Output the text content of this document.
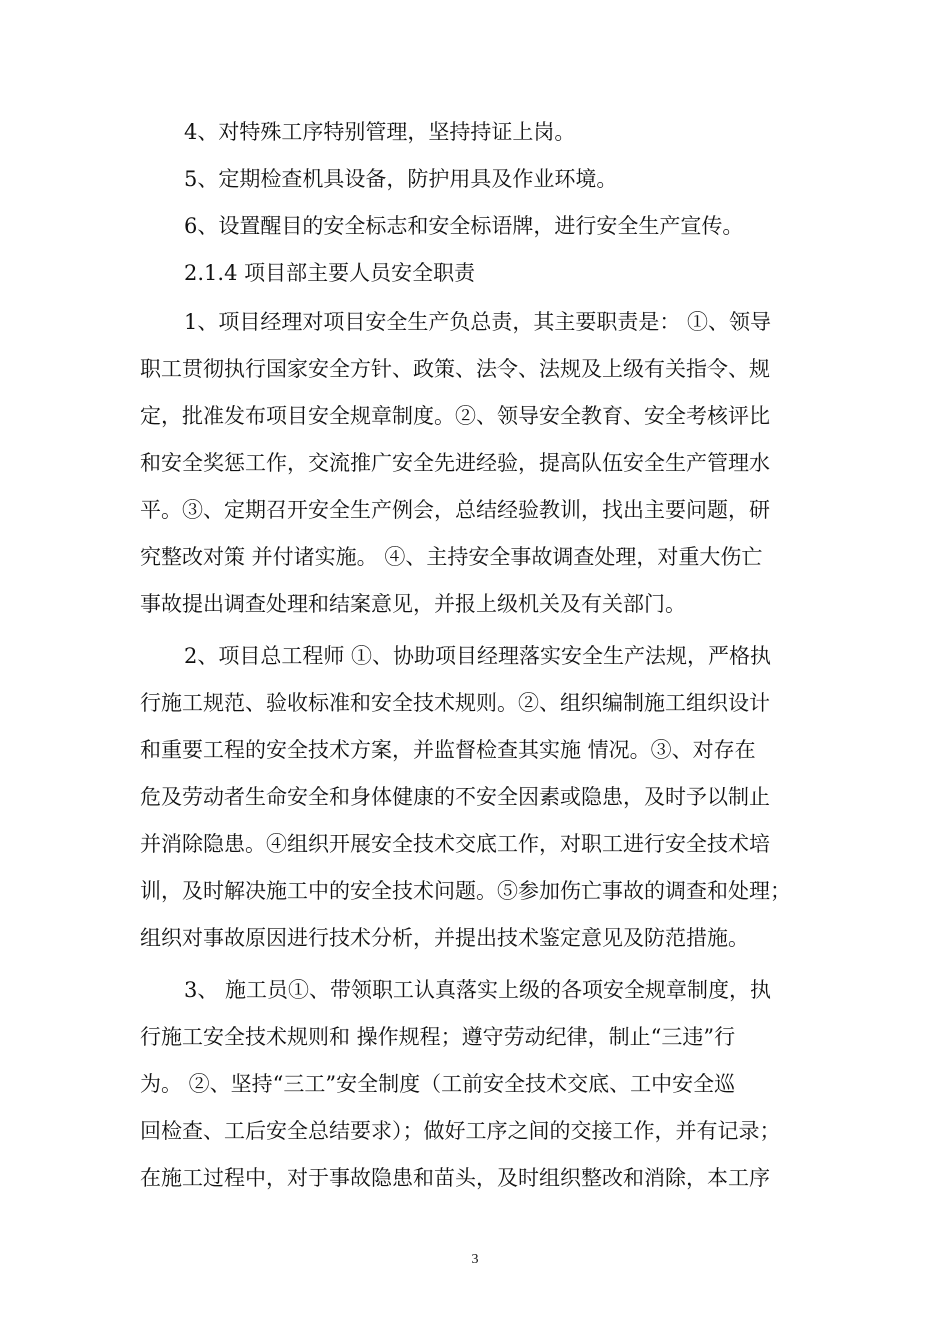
4、对特殊工序特别管理，坚持持证上岗。
5、定期检查机具设备，防护用具及作业环境。
6、设置醒目的安全标志和安全标语牌，进行安全生产宣传。
2.1.4 项目部主要人员安全职责
1、项目经理对项目安全生产负总责，其主要职责是： ①、领导
职工贯彻执行国家安全方针、政策、法令、法规及上级有关指令、规
定，批准发布项目安全规章制度。②、领导安全教育、安全考核评比
和安全奖惩工作，交流推广安全先进经验，提高队伍安全生产管理水
平。③、定期召开安全生产例会，总结经验教训，找出主要问题，研
究整改对策 并付诸实施。 ④、主持安全事故调查处理，对重大伤亡
事故提出调查处理和结案意见，并报上级机关及有关部门。
2、项目总工程师 ①、协助项目经理落实安全生产法规，严格执
行施工规范、验收标准和安全技术规则。②、组织编制施工组织设计
和重要工程的安全技术方案，并监督检查其实施 情况。③、对存在
危及劳动者生命安全和身体健康的不安全因素或隐患，及时予以制止
并消除隐患。④组织开展安全技术交底工作，对职工进行安全技术培
训，及时解决施工中的安全技术问题。⑤参加伤亡事故的调查和处理；
组织对事故原因进行技术分析，并提出技术鉴定意见及防范措施。
3、 施工员①、带领职工认真落实上级的各项安全规章制度，执
行施工安全技术规则和 操作规程；遵守劳动纪律，制止“三违”行
为。 ②、坚持“三工”安全制度（工前安全技术交底、工中安全巡
回检查、工后安全总结要求）；做好工序之间的交接工作，并有记录；
在施工过程中，对于事故隐患和苗头，及时组织整改和消除，本工序
3
